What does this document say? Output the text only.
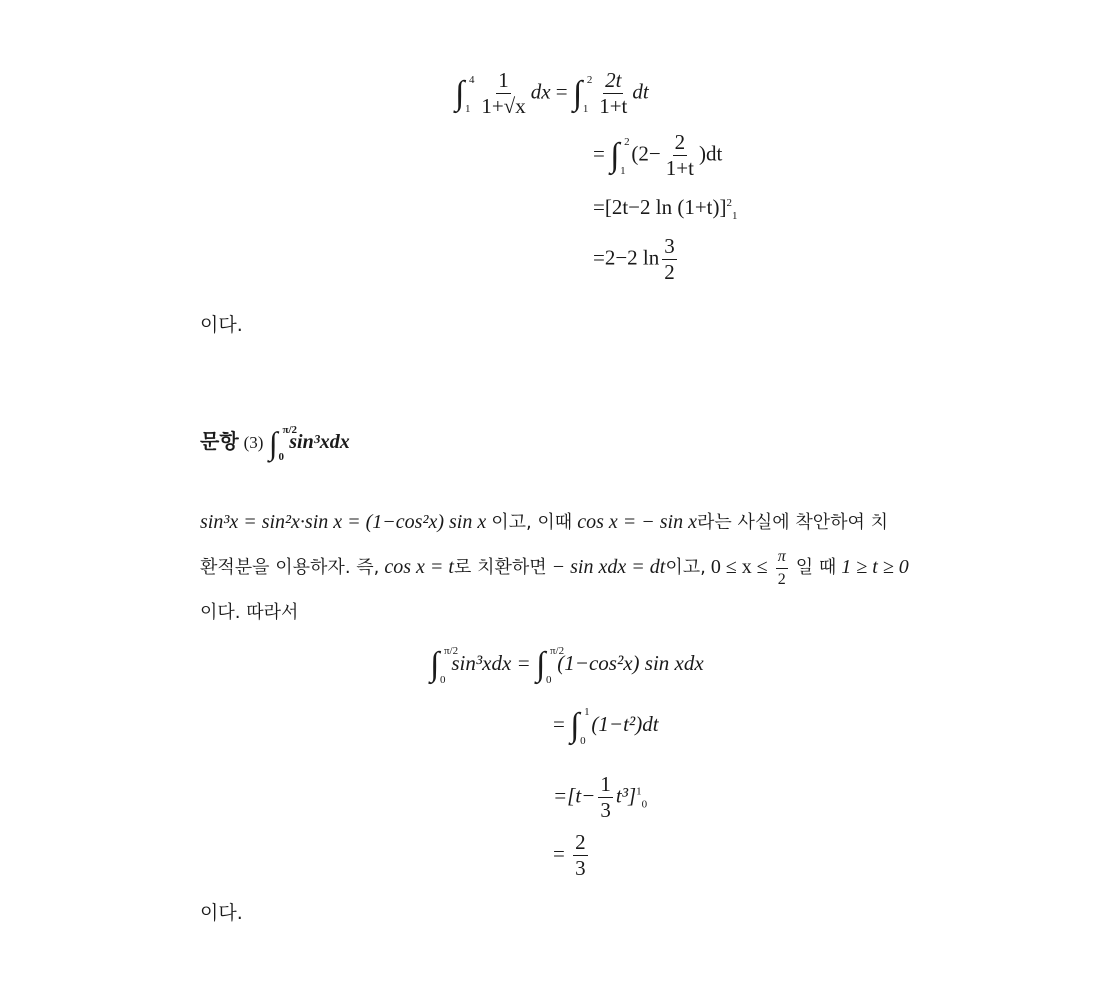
∫ 4
$1 \frac{1}{1+√x}$ dx = ∫ 2
$1 \frac{2t}{1+t}$ dt
= ∫ 2
1
$(2- \frac{2}{1+t} )dt$
=[2t−2 ln (1+t)]$^2_1$
=2−2 $\ln \frac{3}{2}$
이다.
문항 (3) ∫ π/2
0
sin³xdx
sin³x = sin²x·sin x = (1−cos²x) sin x 이고, 이때 cos x = − sin x라는 사실에 착안하여 치
환적분을 이용하자. 즉, cos x = t로 치환하면 − sin xdx = dt이고, $0 \le x \le \frac{\pi}{2}$ 일 때 1 ≥ t ≥ 0
이다. 따라서
∫ π/2
0
sin³xdx = ∫ π/2
0
(1−cos²x) sin xdx
= ∫ 1
0
(1−t²)dt
$=[t- \frac{1}{3} t^3]^1_0$
= $\frac{2}{3}$
이다.
